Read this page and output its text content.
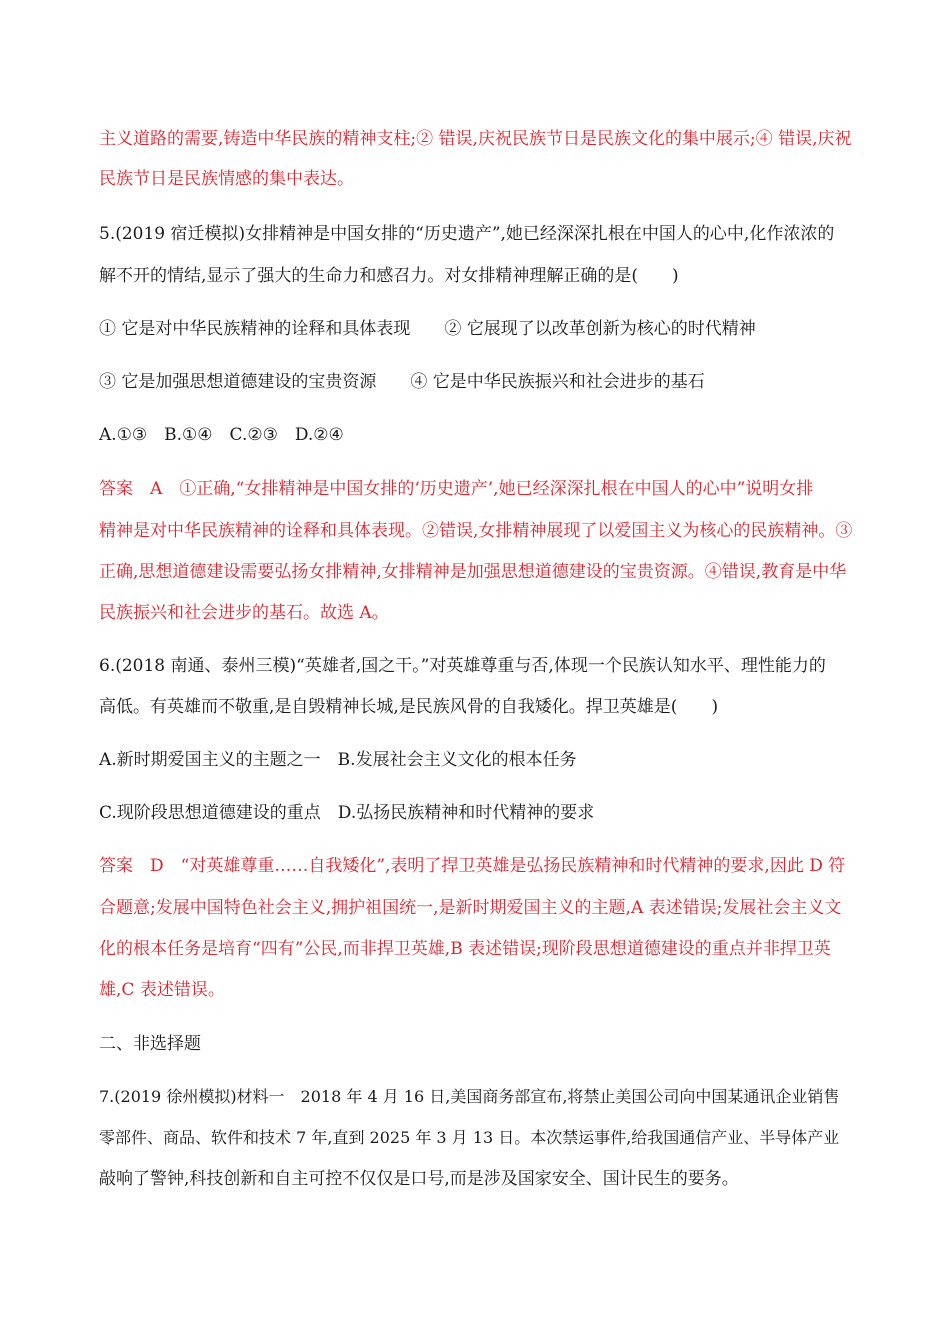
主义道路的需要,铸造中华民族的精神支柱;② 错误,庆祝民族节日是民族文化的集中展示;④ 错误,庆祝
民族节日是民族情感的集中表达。
5.(2019 宿迁模拟)女排精神是中国女排的“历史遗产”,她已经深深扎根在中国人的心中,化作浓浓的
解不开的情结,显示了强大的生命力和感召力。对女排精神理解正确的是(　　)
① 它是对中华民族精神的诠释和具体表现　　② 它展现了以改革创新为核心的时代精神
③ 它是加强思想道德建设的宝贵资源　　④ 它是中华民族振兴和社会进步的基石
A.①③　B.①④　C.②③　D.②④
答案　A　①正确,“女排精神是中国女排的‘历史遗产’,她已经深深扎根在中国人的心中”说明女排
精神是对中华民族精神的诠释和具体表现。②错误,女排精神展现了以爱国主义为核心的民族精神。③
正确,思想道德建设需要弘扬女排精神,女排精神是加强思想道德建设的宝贵资源。④错误,教育是中华
民族振兴和社会进步的基石。故选 A。
6.(2018 南通、泰州三模)“英雄者,国之干。”对英雄尊重与否,体现一个民族认知水平、理性能力的
高低。有英雄而不敬重,是自毁精神长城,是民族风骨的自我矮化。捍卫英雄是(　　)
A.新时期爱国主义的主题之一　B.发展社会主义文化的根本任务
C.现阶段思想道德建设的重点　D.弘扬民族精神和时代精神的要求
答案　D　“对英雄尊重……自我矮化”,表明了捍卫英雄是弘扬民族精神和时代精神的要求,因此 D 符
合题意;发展中国特色社会主义,拥护祖国统一,是新时期爱国主义的主题,A 表述错误;发展社会主义文
化的根本任务是培育“四有”公民,而非捍卫英雄,B 表述错误;现阶段思想道德建设的重点并非捍卫英
雄,C 表述错误。
二、非选择题
7.(2019 徐州模拟)材料一　2018 年 4 月 16 日,美国商务部宣布,将禁止美国公司向中国某通讯企业销售
零部件、商品、软件和技术 7 年,直到 2025 年 3 月 13 日。本次禁运事件,给我国通信产业、半导体产业
敲响了警钟,科技创新和自主可控不仅仅是口号,而是涉及国家安全、国计民生的要务。
